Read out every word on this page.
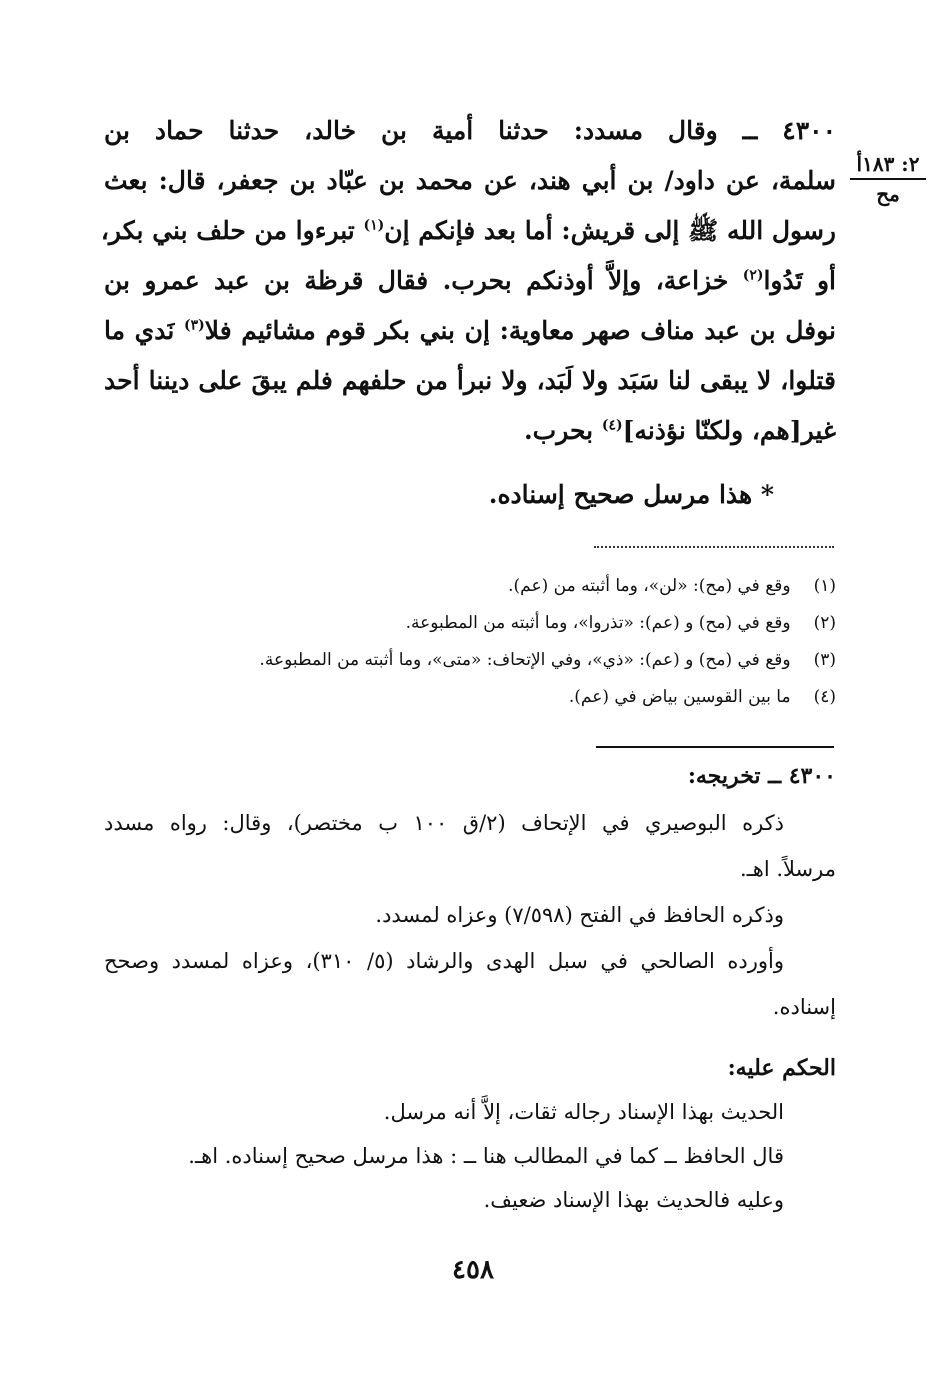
٢: ١٨٣أ
مح
٤٣٠٠ ــ وقال مسدد: حدثنا أمية بن خالد، حدثنا حماد بن
سلمة، عن داود/ بن أبي هند، عن محمد بن عبّاد بن جعفر، قال: بعث
رسول الله ﷺ إلى قريش: أما بعد فإنكم إن$^{(١)}$ تبرءوا من حلف بني بكر،
أو تَدُوا$^{(٢)}$ خزاعة، وإلاَّ أوذنكم بحرب. فقال قرظة بن عبد عمرو بن
نوفل بن عبد مناف صهر معاوية: إن بني بكر قوم مشائيم فلا$^{(٣)}$ نَدي ما
قتلوا، لا يبقى لنا سَبَد ولا لَبَد، ولا نبرأ من حلفهم فلم يبقَ على ديننا أحد
غير[هم، ولكنّا نؤذنه]$^{(٤)}$ بحرب.
* هذا مرسل صحيح إسناده.
(١) وقع في (مح): «لن»، وما أثبته من (عم).
(٢) وقع في (مح) و (عم): «تذروا»، وما أثبته من المطبوعة.
(٣) وقع في (مح) و (عم): «ذي»، وفي الإتحاف: «متى»، وما أثبته من المطبوعة.
(٤) ما بين القوسين بياض في (عم).
٤٣٠٠ ــ تخريجه:
ذكره البوصيري في الإتحاف (٢/ق ١٠٠ ب مختصر)، وقال: رواه مسدد
مرسلاً. اهـ.
وذكره الحافظ في الفتح (٧/٥٩٨) وعزاه لمسدد.
وأورده الصالحي في سبل الهدى والرشاد (٥/ ٣١٠)، وعزاه لمسدد وصحح
إسناده.
الحكم عليه:
الحديث بهذا الإسناد رجاله ثقات، إلاَّ أنه مرسل.
قال الحافظ ــ كما في المطالب هنا ــ : هذا مرسل صحيح إسناده. اهـ.
وعليه فالحديث بهذا الإسناد ضعيف.
٤٥٨
